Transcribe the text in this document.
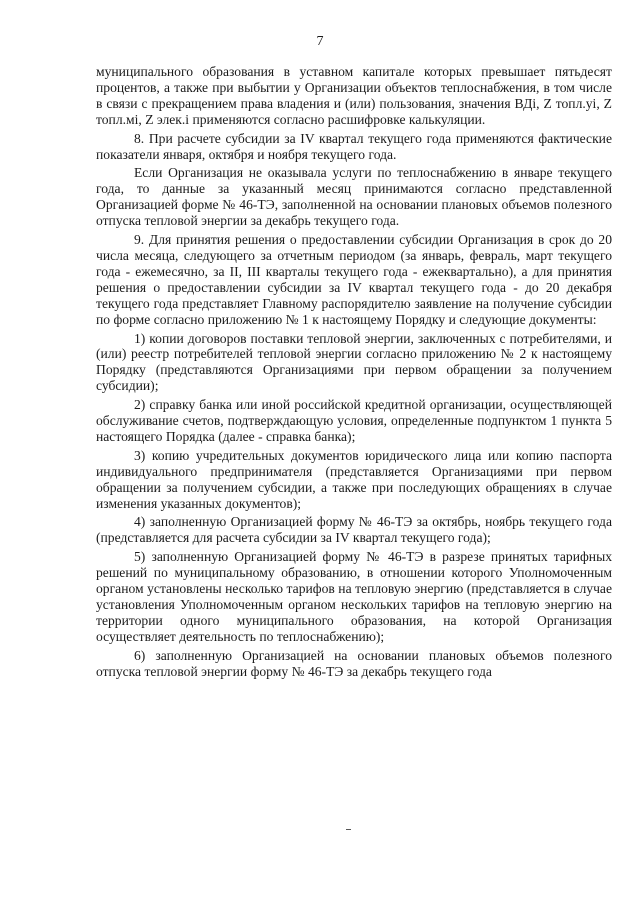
7

муниципального образования в уставном капитале которых превышает пятьдесят процентов, а также при выбытии у Организации объектов теплоснабжения, в том числе в связи с прекращением права владения и (или) пользования, значения ВДi, Z топл.yi, Z топл.мi, Z элек.i применяются согласно расшифровке калькуляции.

8. При расчете субсидии за IV квартал текущего года применяются фактические показатели января, октября и ноября текущего года.

Если Организация не оказывала услуги по теплоснабжению в январе текущего года, то данные за указанный месяц принимаются согласно представленной Организацией форме № 46-ТЭ, заполненной на основании плановых объемов полезного отпуска тепловой энергии за декабрь текущего года.

9. Для принятия решения о предоставлении субсидии Организация в срок до 20 числа месяца, следующего за отчетным периодом (за январь, февраль, март текущего года - ежемесячно, за II, III кварталы текущего года - ежеквартально), а для принятия решения о предоставлении субсидии за IV квартал текущего года - до 20 декабря текущего года представляет Главному распорядителю заявление на получение субсидии по форме согласно приложению № 1 к настоящему Порядку и следующие документы:

1) копии договоров поставки тепловой энергии, заключенных с потребителями, и (или) реестр потребителей тепловой энергии согласно приложению № 2 к настоящему Порядку (представляются Организациями при первом обращении за получением субсидии);

2) справку банка или иной российской кредитной организации, осуществляющей обслуживание счетов, подтверждающую условия, определенные подпунктом 1 пункта 5 настоящего Порядка (далее - справка банка);

3) копию учредительных документов юридического лица или копию паспорта индивидуального предпринимателя (представляется Организациями при первом обращении за получением субсидии, а также при последующих обращениях в случае изменения указанных документов);

4) заполненную Организацией форму № 46-ТЭ за октябрь, ноябрь текущего года (представляется для расчета субсидии за IV квартал текущего года);

5) заполненную Организацией форму № 46-ТЭ в разрезе принятых тарифных решений по муниципальному образованию, в отношении которого Уполномоченным органом установлены несколько тарифов на тепловую энергию (представляется в случае установления Уполномоченным органом нескольких тарифов на тепловую энергию на территории одного муниципального образования, на которой Организация осуществляет деятельность по теплоснабжению);

6) заполненную Организацией на основании плановых объемов полезного отпуска тепловой энергии форму № 46-ТЭ за декабрь текущего года
